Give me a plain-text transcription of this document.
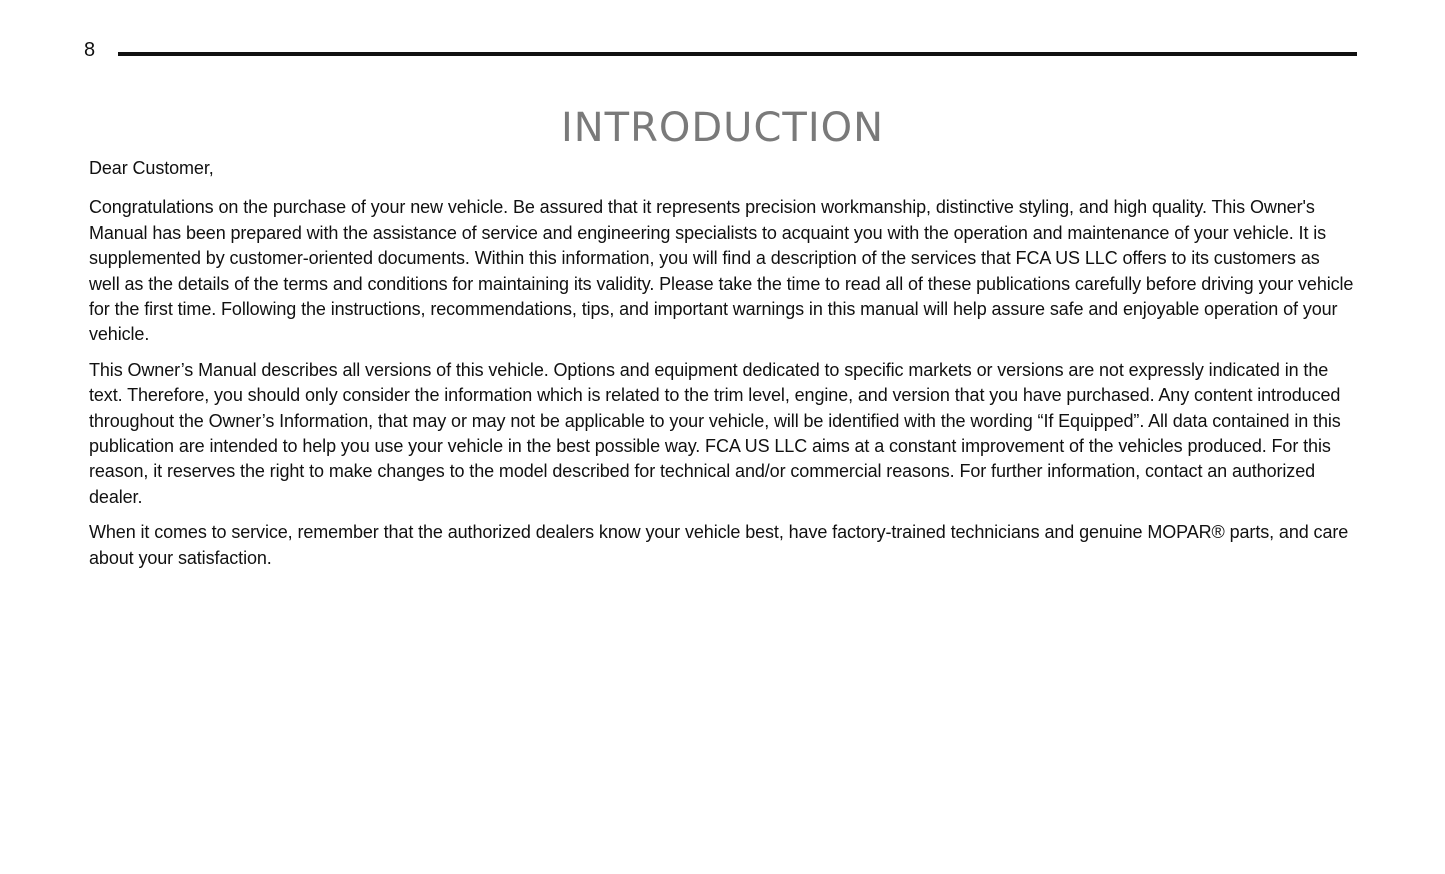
8
INTRODUCTION

Dear Customer,

Congratulations on the purchase of your new vehicle. Be assured that it represents precision workmanship, distinctive styling, and high quality. This Owner's Manual has been prepared with the assistance of service and engineering specialists to acquaint you with the operation and maintenance of your vehicle. It is supplemented by customer-oriented documents. Within this information, you will find a description of the services that FCA US LLC offers to its customers as well as the details of the terms and conditions for maintaining its validity. Please take the time to read all of these publications carefully before driving your vehicle for the first time. Following the instructions, recommendations, tips, and important warnings in this manual will help assure safe and enjoyable operation of your vehicle.

This Owner’s Manual describes all versions of this vehicle. Options and equipment dedicated to specific markets or versions are not expressly indicated in the text. Therefore, you should only consider the information which is related to the trim level, engine, and version that you have purchased. Any content introduced throughout the Owner’s Information, that may or may not be applicable to your vehicle, will be identified with the wording “If Equipped”. All data contained in this publication are intended to help you use your vehicle in the best possible way. FCA US LLC aims at a constant improvement of the vehicles produced. For this reason, it reserves the right to make changes to the model described for technical and/or commercial reasons. For further information, contact an authorized dealer.

When it comes to service, remember that the authorized dealers know your vehicle best, have factory-trained technicians and genuine MOPAR® parts, and care about your satisfaction.
